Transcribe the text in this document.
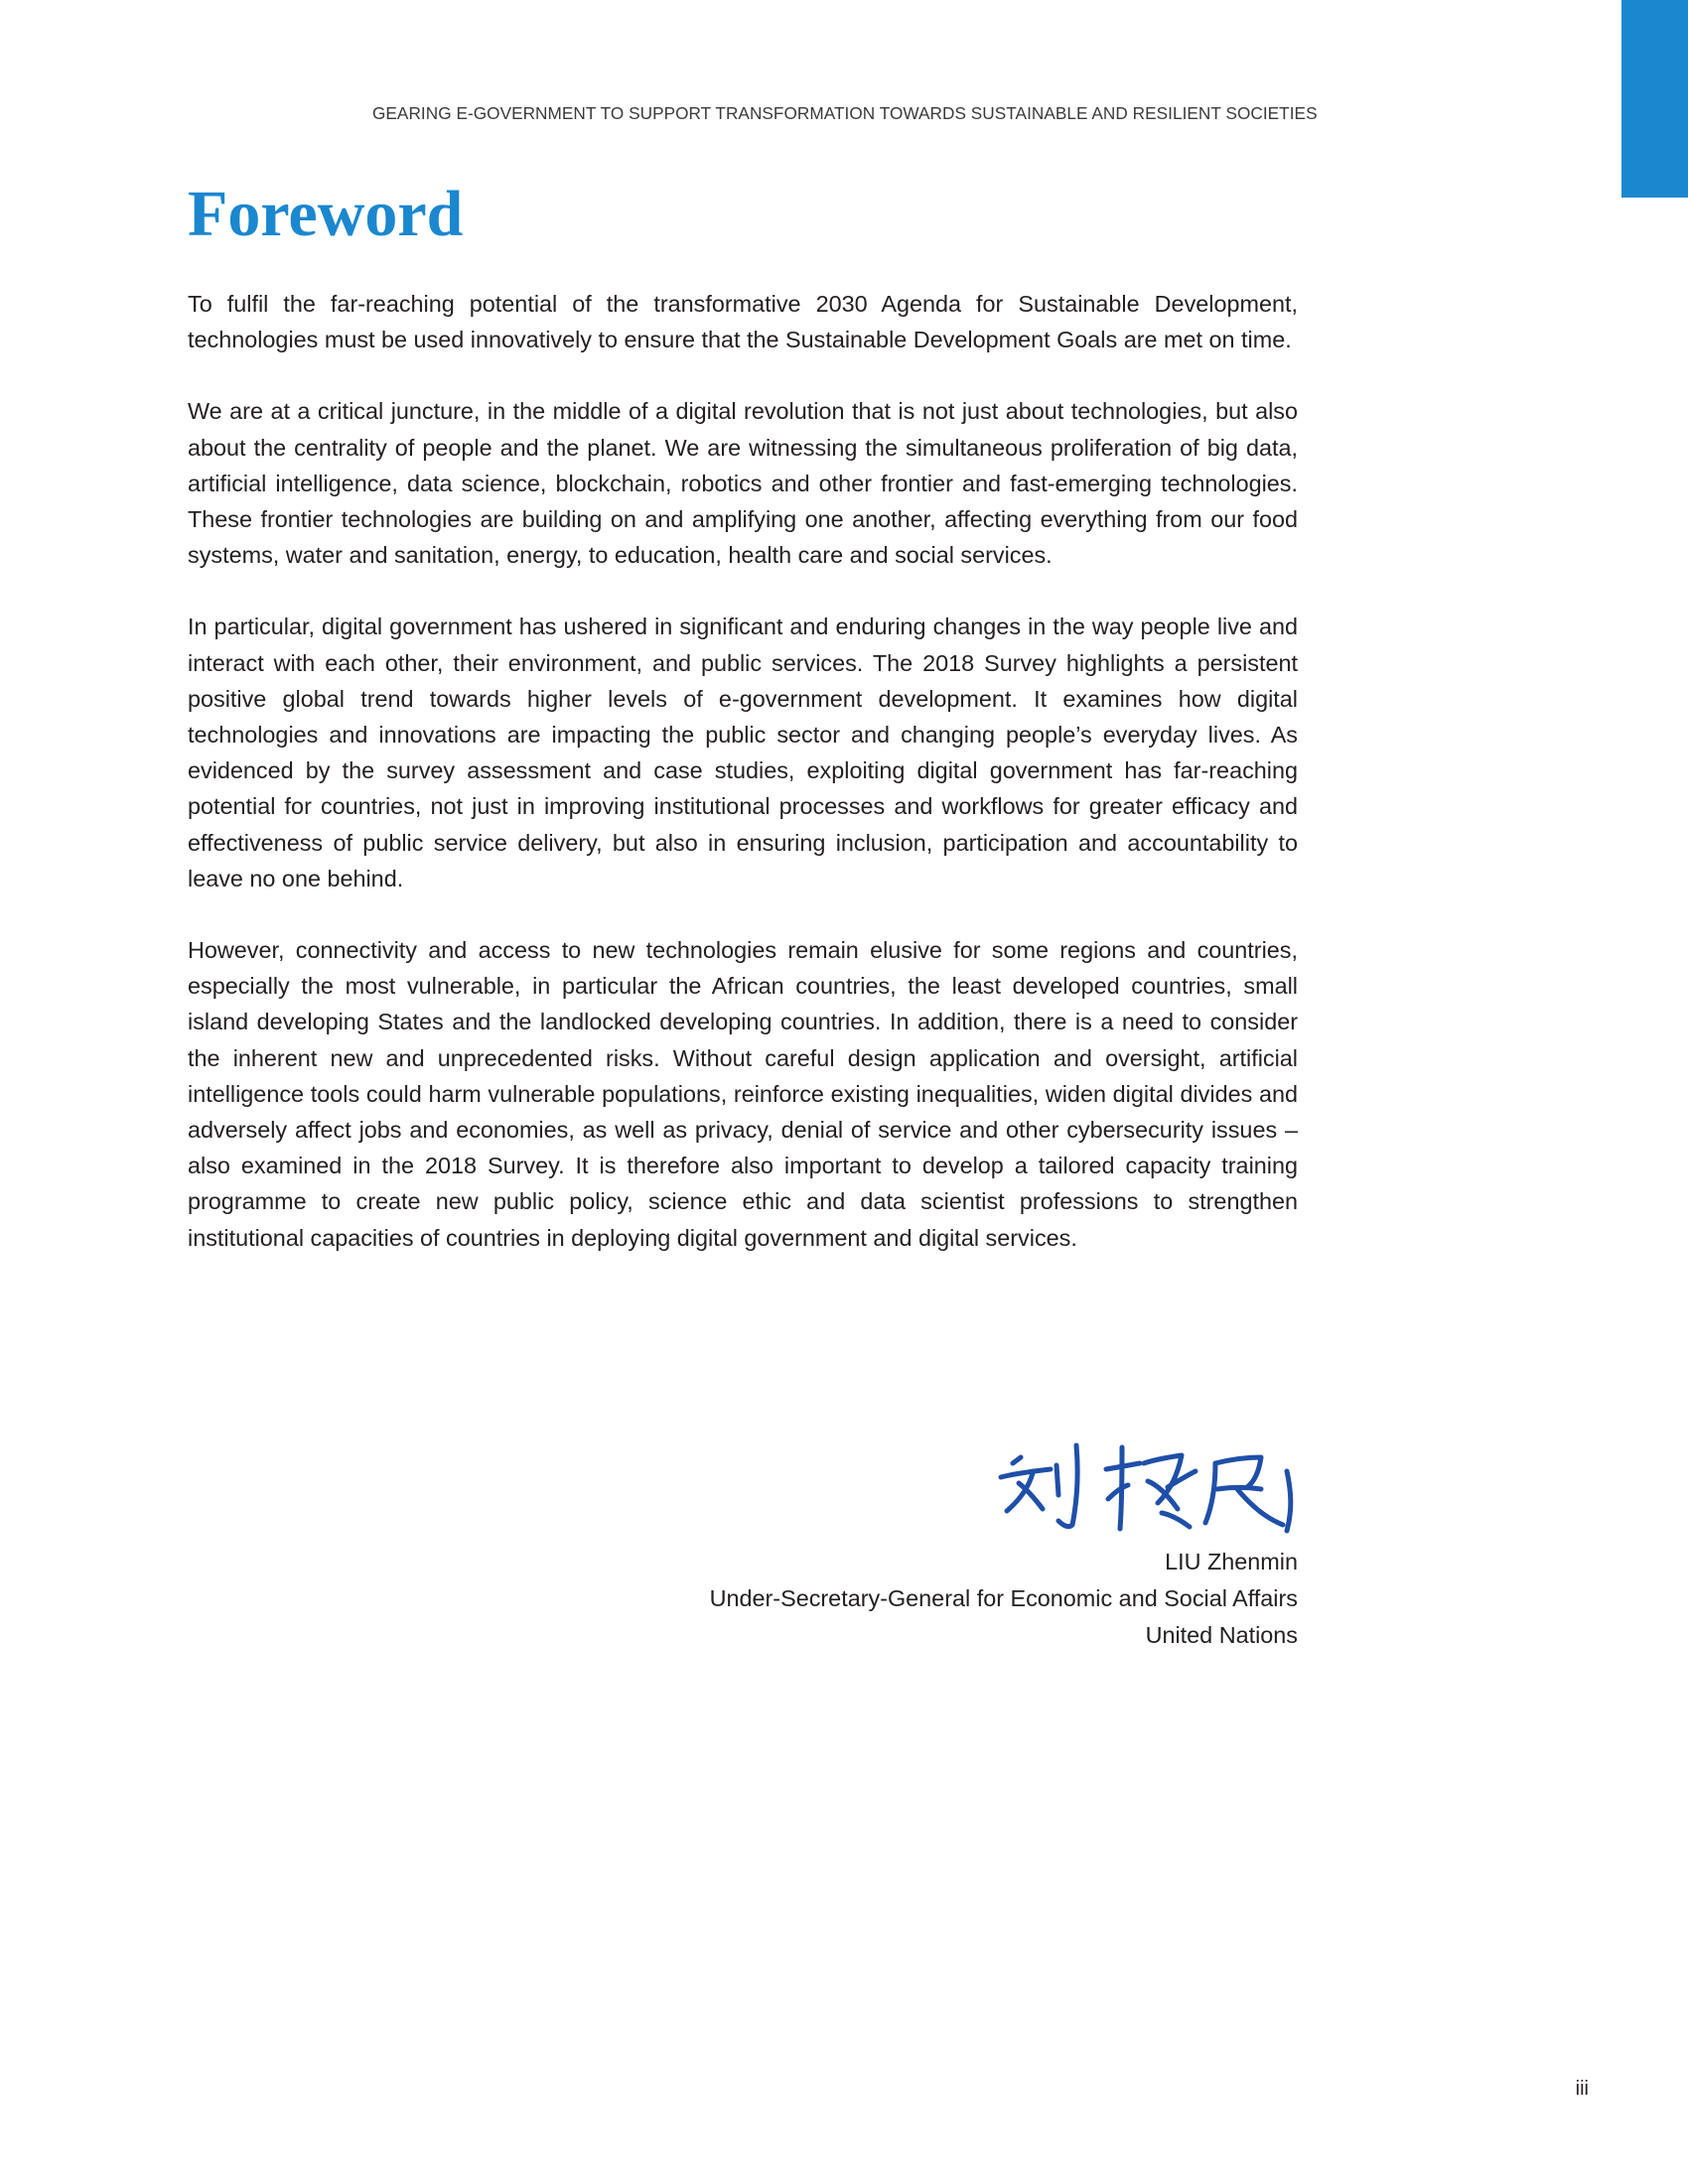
GEARING E-GOVERNMENT TO SUPPORT TRANSFORMATION TOWARDS SUSTAINABLE AND RESILIENT SOCIETIES
Foreword

To fulfil the far-reaching potential of the transformative 2030 Agenda for Sustainable Development, technologies must be used innovatively to ensure that the Sustainable Development Goals are met on time.

We are at a critical juncture, in the middle of a digital revolution that is not just about technologies, but also about the centrality of people and the planet. We are witnessing the simultaneous proliferation of big data, artificial intelligence, data science, blockchain, robotics and other frontier and fast-emerging technologies. These frontier technologies are building on and amplifying one another, affecting everything from our food systems, water and sanitation, energy, to education, health care and social services.

In particular, digital government has ushered in significant and enduring changes in the way people live and interact with each other, their environment, and public services. The 2018 Survey highlights a persistent positive global trend towards higher levels of e-government development. It examines how digital technologies and innovations are impacting the public sector and changing people’s everyday lives. As evidenced by the survey assessment and case studies, exploiting digital government has far-reaching potential for countries, not just in improving institutional processes and workflows for greater efficacy and effectiveness of public service delivery, but also in ensuring inclusion, participation and accountability to leave no one behind.

However, connectivity and access to new technologies remain elusive for some regions and countries, especially the most vulnerable, in particular the African countries, the least developed countries, small island developing States and the landlocked developing countries. In addition, there is a need to consider the inherent new and unprecedented risks. Without careful design application and oversight, artificial intelligence tools could harm vulnerable populations, reinforce existing inequalities, widen digital divides and adversely affect jobs and economies, as well as privacy, denial of service and other cybersecurity issues – also examined in the 2018 Survey. It is therefore also important to develop a tailored capacity training programme to create new public policy, science ethic and data scientist professions to strengthen institutional capacities of countries in deploying digital government and digital services.

LIU Zhenmin
Under-Secretary-General for Economic and Social Affairs
United Nations
iii
